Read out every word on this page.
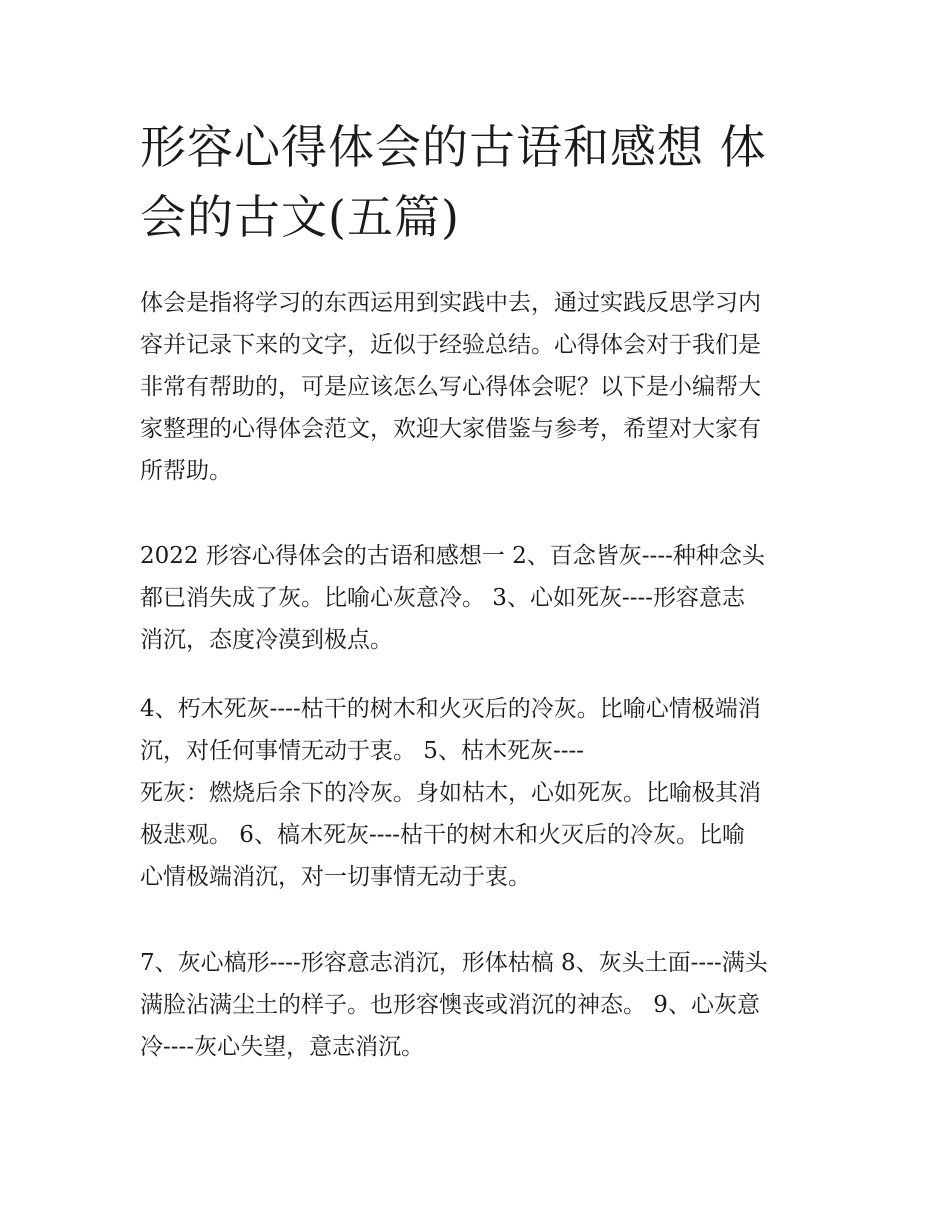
形容心得体会的古语和感想 体
会的古文(五篇)

体会是指将学习的东西运用到实践中去，通过实践反思学习内
容并记录下来的文字，近似于经验总结。心得体会对于我们是
非常有帮助的，可是应该怎么写心得体会呢？以下是小编帮大
家整理的心得体会范文，欢迎大家借鉴与参考，希望对大家有
所帮助。

2022 形容心得体会的古语和感想一 2、百念皆灰----种种念头
都已消失成了灰。比喻心灰意冷。 3、心如死灰----形容意志
消沉，态度冷漠到极点。

4、朽木死灰----枯干的树木和火灭后的冷灰。比喻心情极端消
沉，对任何事情无动于衷。 5、枯木死灰----
死灰：燃烧后余下的冷灰。身如枯木，心如死灰。比喻极其消
极悲观。 6、槁木死灰----枯干的树木和火灭后的冷灰。比喻
心情极端消沉，对一切事情无动于衷。

7、灰心槁形----形容意志消沉，形体枯槁 8、灰头土面----满头
满脸沾满尘土的样子。也形容懊丧或消沉的神态。 9、心灰意
冷----灰心失望，意志消沉。
